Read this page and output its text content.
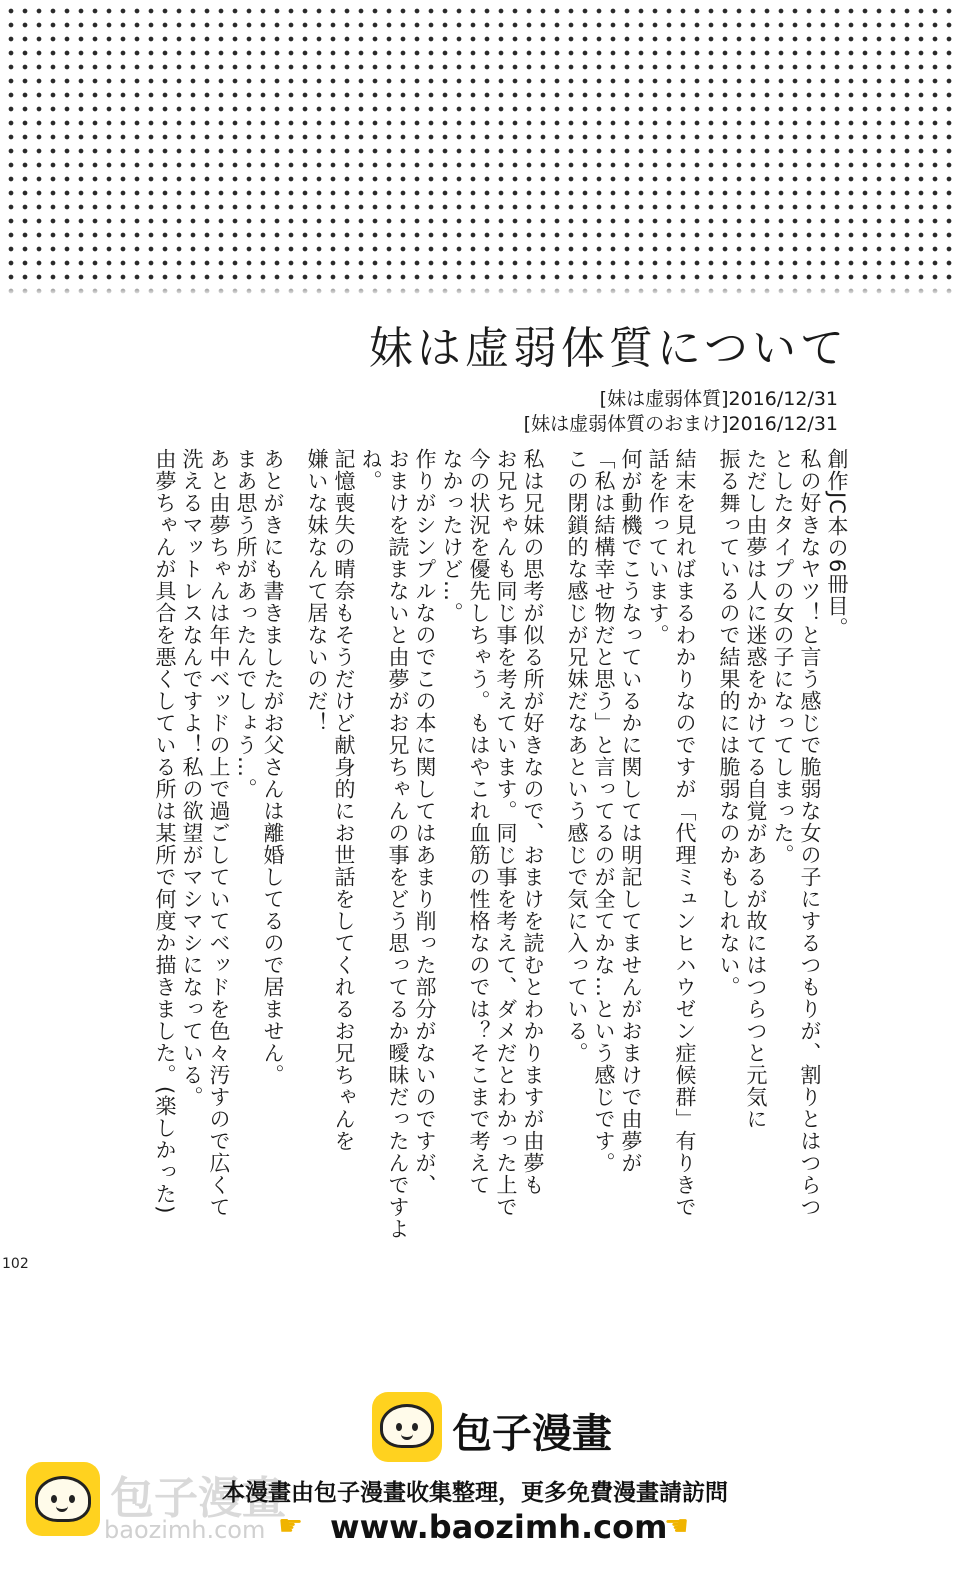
妹は虚弱体質について
[妹は虚弱体質]2016/12/31
[妹は虚弱体質のおまけ]2016/12/31
創作JC本の6冊目。
私の好きなヤツ！と言う感じで脆弱な女の子にするつもりが、割りとはつらつ
としたタイプの女の子になってしまった。
ただし由夢は人に迷惑をかけてる自覚があるが故にはつらつと元気に
振る舞っているので結果的には脆弱なのかもしれない。
結末を見ればまるわかりなのですが「代理ミュンヒハウゼン症候群」有りきで
話を作っています。
何が動機でこうなっているかに関しては明記してませんがおまけで由夢が
「私は結構幸せ物だと思う」と言ってるのが全てかな…という感じです。
この閉鎖的な感じが兄妹だなあという感じで気に入っている。
私は兄妹の思考が似る所が好きなので、おまけを読むとわかりますが由夢も
お兄ちゃんも同じ事を考えています。同じ事を考えて、ダメだとわかった上で
今の状況を優先しちゃう。もはやこれ血筋の性格なのでは？そこまで考えて
なかったけど…。
作りがシンプルなのでこの本に関してはあまり削った部分がないのですが、
おまけを読まないと由夢がお兄ちゃんの事をどう思ってるか曖昧だったんですよね。
記憶喪失の晴奈もそうだけど献身的にお世話をしてくれるお兄ちゃんを
嫌いな妹なんて居ないのだ！
あとがきにも書きましたがお父さんは離婚してるので居ません。
まあ思う所があったんでしょう…。
あと由夢ちゃんは年中ベッドの上で過ごしていてベッドを色々汚すので広くて
洗えるマットレスなんですよ！私の欲望がマシマシになっている。
由夢ちゃんが具合を悪くしている所は某所で何度か描きました。(楽しかった)
102
包子漫畫
包子漫畫
baozimh.com
本漫畫由包子漫畫收集整理，更多免費漫畫請訪問
☛ www.baozimh.com
☚
